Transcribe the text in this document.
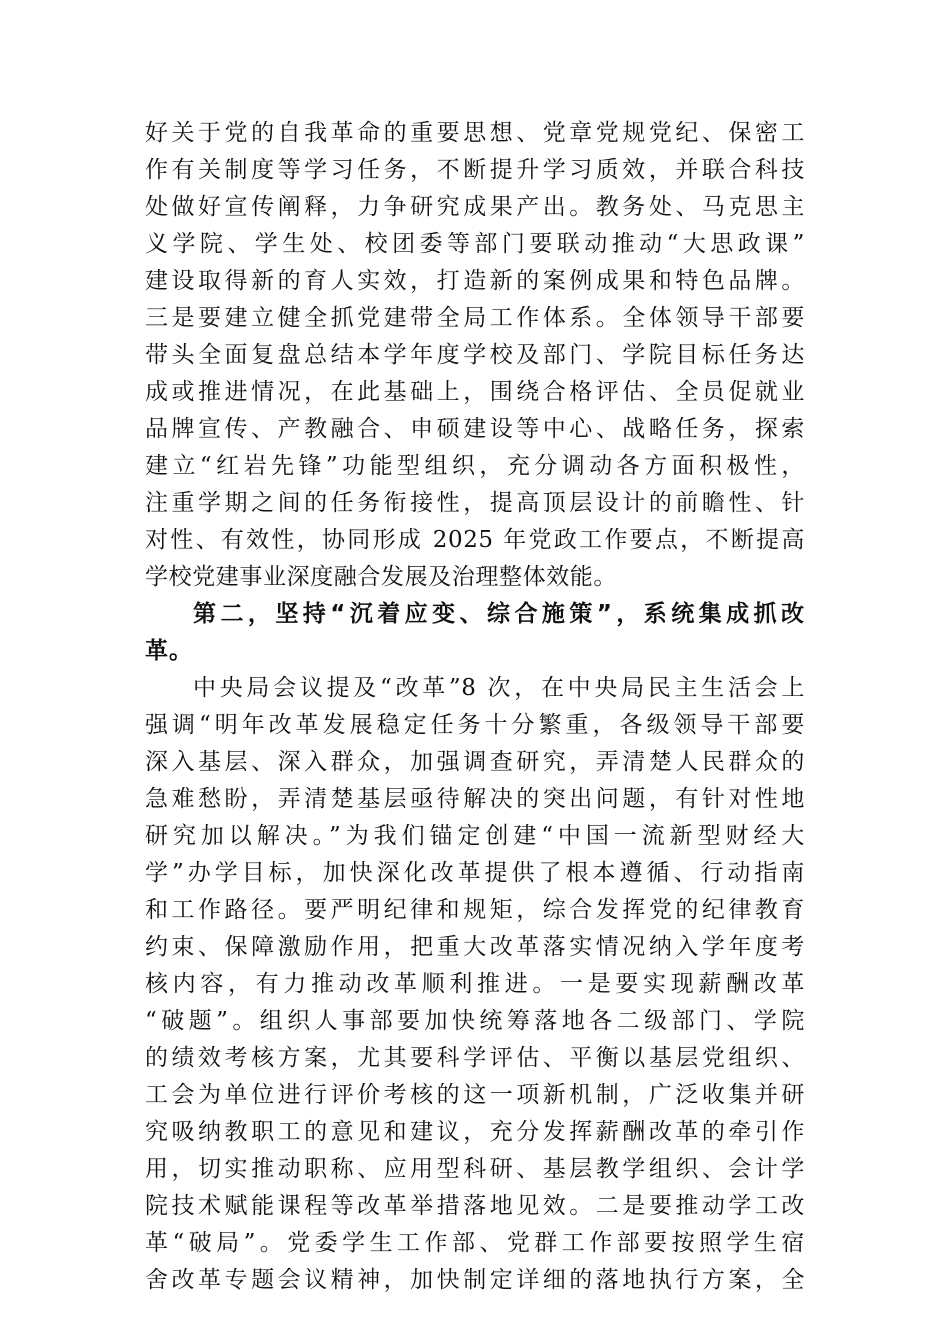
好关于党的自我革命的重要思想、党章党规党纪、保密工
作有关制度等学习任务，不断提升学习质效，并联合科技
处做好宣传阐释，力争研究成果产出。教务处、马克思主
义学院、学生处、校团委等部门要联动推动“大思政课”
建设取得新的育人实效，打造新的案例成果和特色品牌。
三是要建立健全抓党建带全局工作体系。全体领导干部要
带头全面复盘总结本学年度学校及部门、学院目标任务达
成或推进情况，在此基础上，围绕合格评估、全员促就业
品牌宣传、产教融合、申硕建设等中心、战略任务，探索
建立“红岩先锋”功能型组织，充分调动各方面积极性，
注重学期之间的任务衔接性，提高顶层设计的前瞻性、针
对性、有效性，协同形成 2025 年党政工作要点，不断提高
学校党建事业深度融合发展及治理整体效能。
第二，坚持“沉着应变、综合施策”，系统集成抓改
革。
中央局会议提及“改革”8 次，在中央局民主生活会上
强调“明年改革发展稳定任务十分繁重，各级领导干部要
深入基层、深入群众，加强调查研究，弄清楚人民群众的
急难愁盼，弄清楚基层亟待解决的突出问题，有针对性地
研究加以解决。”为我们锚定创建“中国一流新型财经大
学”办学目标，加快深化改革提供了根本遵循、行动指南
和工作路径。要严明纪律和规矩，综合发挥党的纪律教育
约束、保障激励作用，把重大改革落实情况纳入学年度考
核内容，有力推动改革顺利推进。一是要实现薪酬改革
“破题”。组织人事部要加快统筹落地各二级部门、学院
的绩效考核方案，尤其要科学评估、平衡以基层党组织、
工会为单位进行评价考核的这一项新机制，广泛收集并研
究吸纳教职工的意见和建议，充分发挥薪酬改革的牵引作
用，切实推动职称、应用型科研、基层教学组织、会计学
院技术赋能课程等改革举措落地见效。二是要推动学工改
革“破局”。党委学生工作部、党群工作部要按照学生宿
舍改革专题会议精神，加快制定详细的落地执行方案，全
